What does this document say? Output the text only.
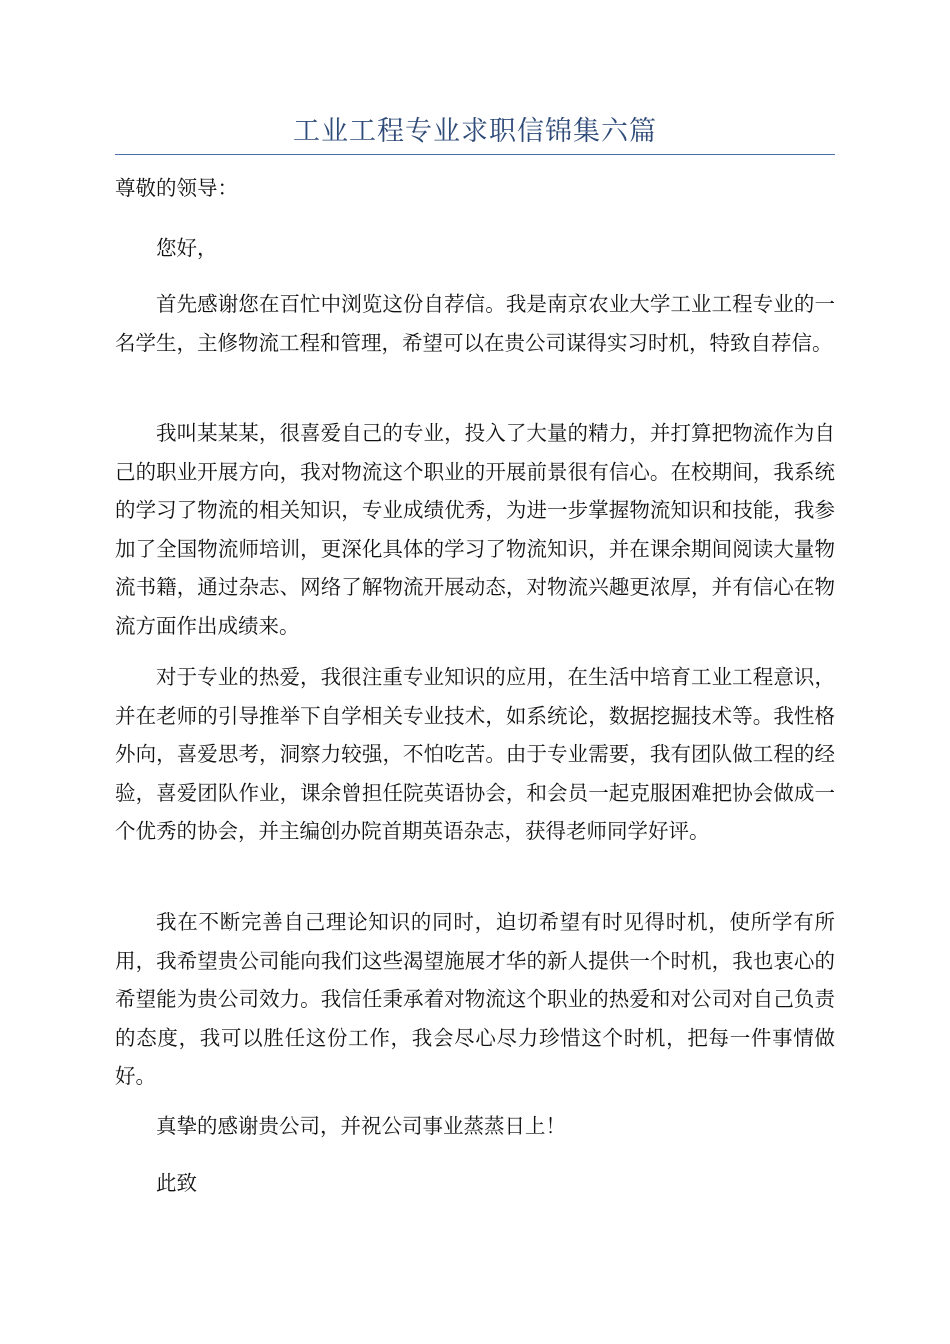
工业工程专业求职信锦集六篇
尊敬的领导：

您好，

首先感谢您在百忙中浏览这份自荐信。我是南京农业大学工业工程专业的一名学生，主修物流工程和管理，希望可以在贵公司谋得实习时机，特致自荐信。

我叫某某某，很喜爱自己的专业，投入了大量的精力，并打算把物流作为自己的职业开展方向，我对物流这个职业的开展前景很有信心。在校期间，我系统的学习了物流的相关知识，专业成绩优秀，为进一步掌握物流知识和技能，我参加了全国物流师培训，更深化具体的学习了物流知识，并在课余期间阅读大量物流书籍，通过杂志、网络了解物流开展动态，对物流兴趣更浓厚，并有信心在物流方面作出成绩来。

对于专业的热爱，我很注重专业知识的应用，在生活中培育工业工程意识，并在老师的引导推举下自学相关专业技术，如系统论，数据挖掘技术等。我性格外向，喜爱思考，洞察力较强，不怕吃苦。由于专业需要，我有团队做工程的经验，喜爱团队作业，课余曾担任院英语协会，和会员一起克服困难把协会做成一个优秀的协会，并主编创办院首期英语杂志，获得老师同学好评。

我在不断完善自己理论知识的同时，迫切希望有时见得时机，使所学有所用，我希望贵公司能向我们这些渴望施展才华的新人提供一个时机，我也衷心的希望能为贵公司效力。我信任秉承着对物流这个职业的热爱和对公司对自己负责的态度，我可以胜任这份工作，我会尽心尽力珍惜这个时机，把每一件事情做好。

真挚的感谢贵公司，并祝公司事业蒸蒸日上！

此致
